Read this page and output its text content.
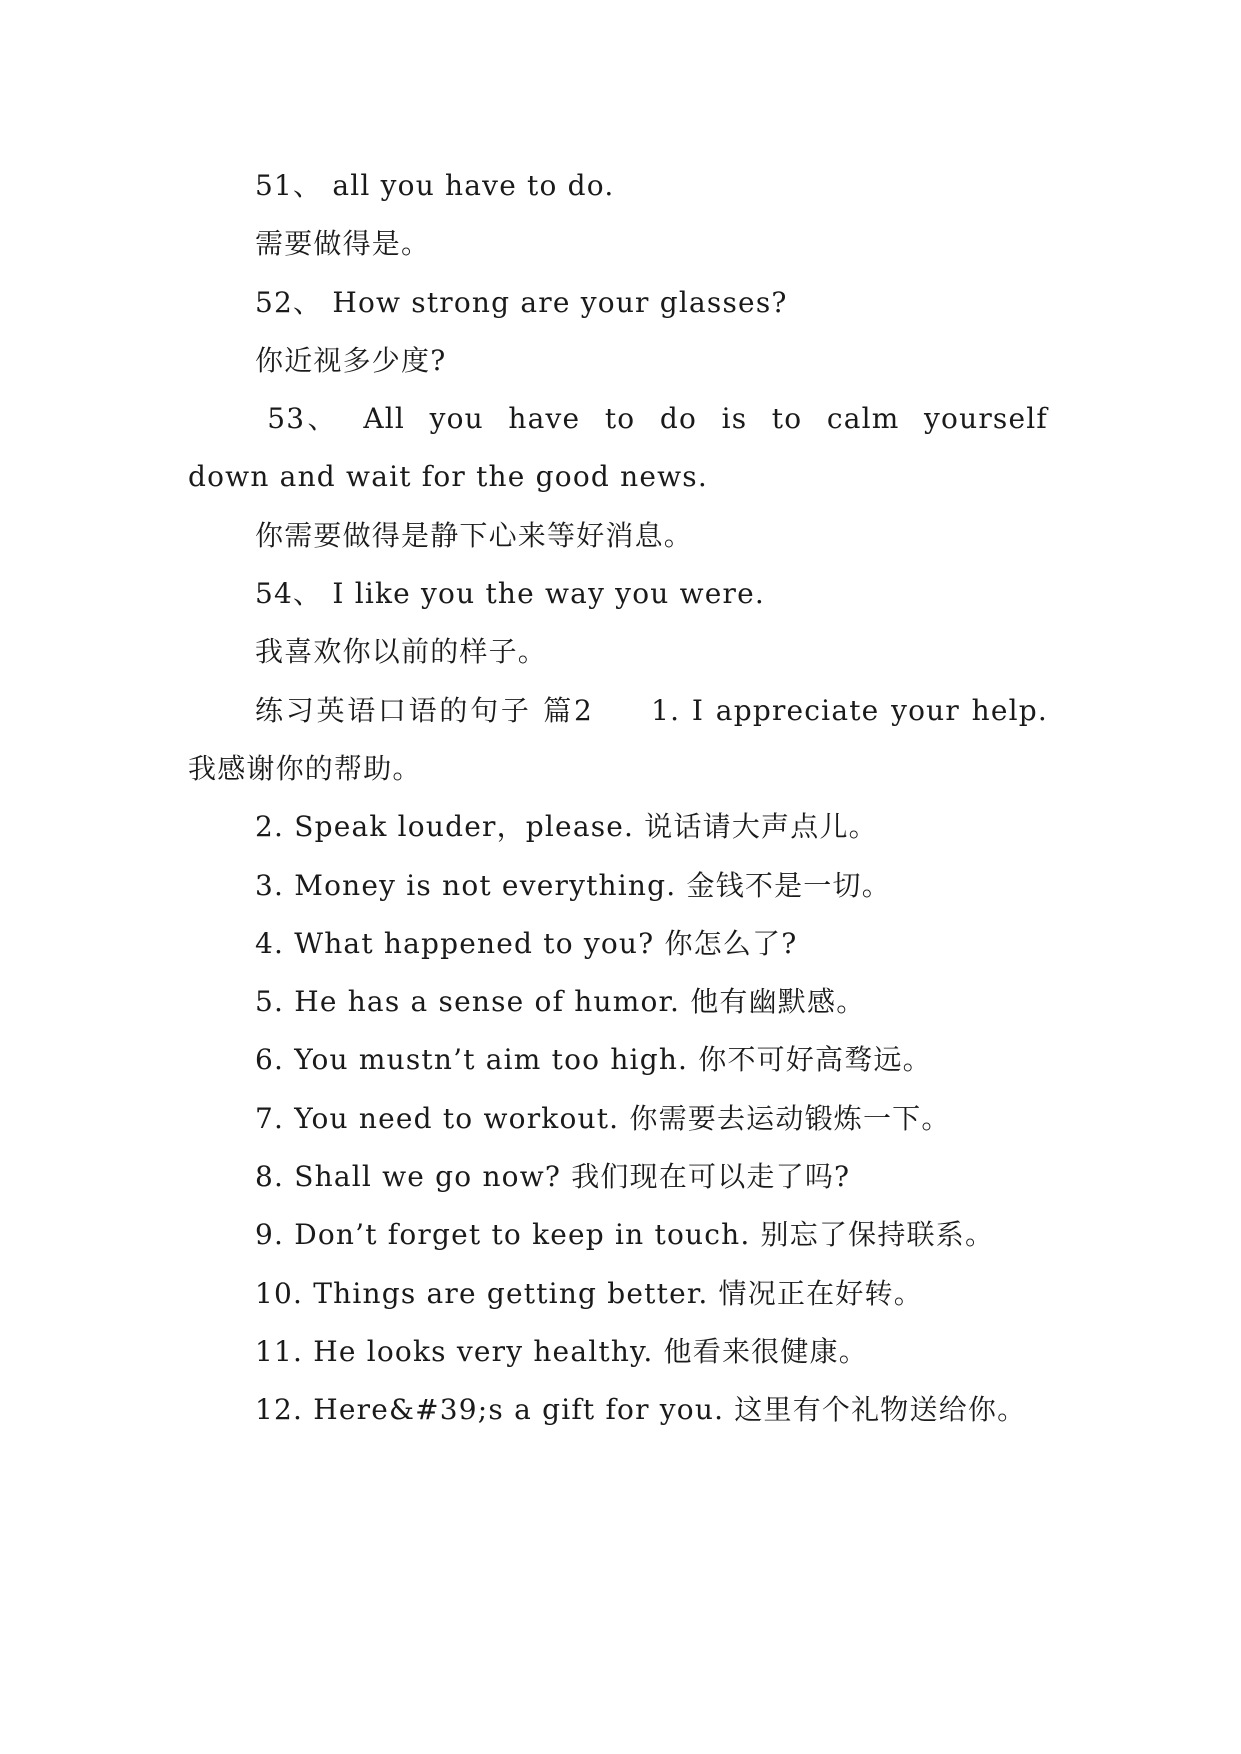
51、 all you have to do.

需要做得是。

52、 How strong are your glasses?

你近视多少度?

53、  All  you  have  to  do  is  to  calm  yourself down and wait for the good news.

你需要做得是静下心来等好消息。

54、 I like you the way you were.

我喜欢你以前的样子。

练习英语口语的句子 篇2     1. I appreciate your help. 我感谢你的帮助。

2. Speak louder，please. 说话请大声点儿。

3. Money is not everything. 金钱不是一切。

4. What happened to you? 你怎么了?

5. He has a sense of humor. 他有幽默感。

6. You mustn’t aim too high. 你不可好高骛远。

7. You need to workout. 你需要去运动锻炼一下。

8. Shall we go now? 我们现在可以走了吗?

9. Don’t forget to keep in touch. 别忘了保持联系。

10. Things are getting better. 情况正在好转。

11. He looks very healthy. 他看来很健康。

12. Here&#39;s a gift for you. 这里有个礼物送给你。
